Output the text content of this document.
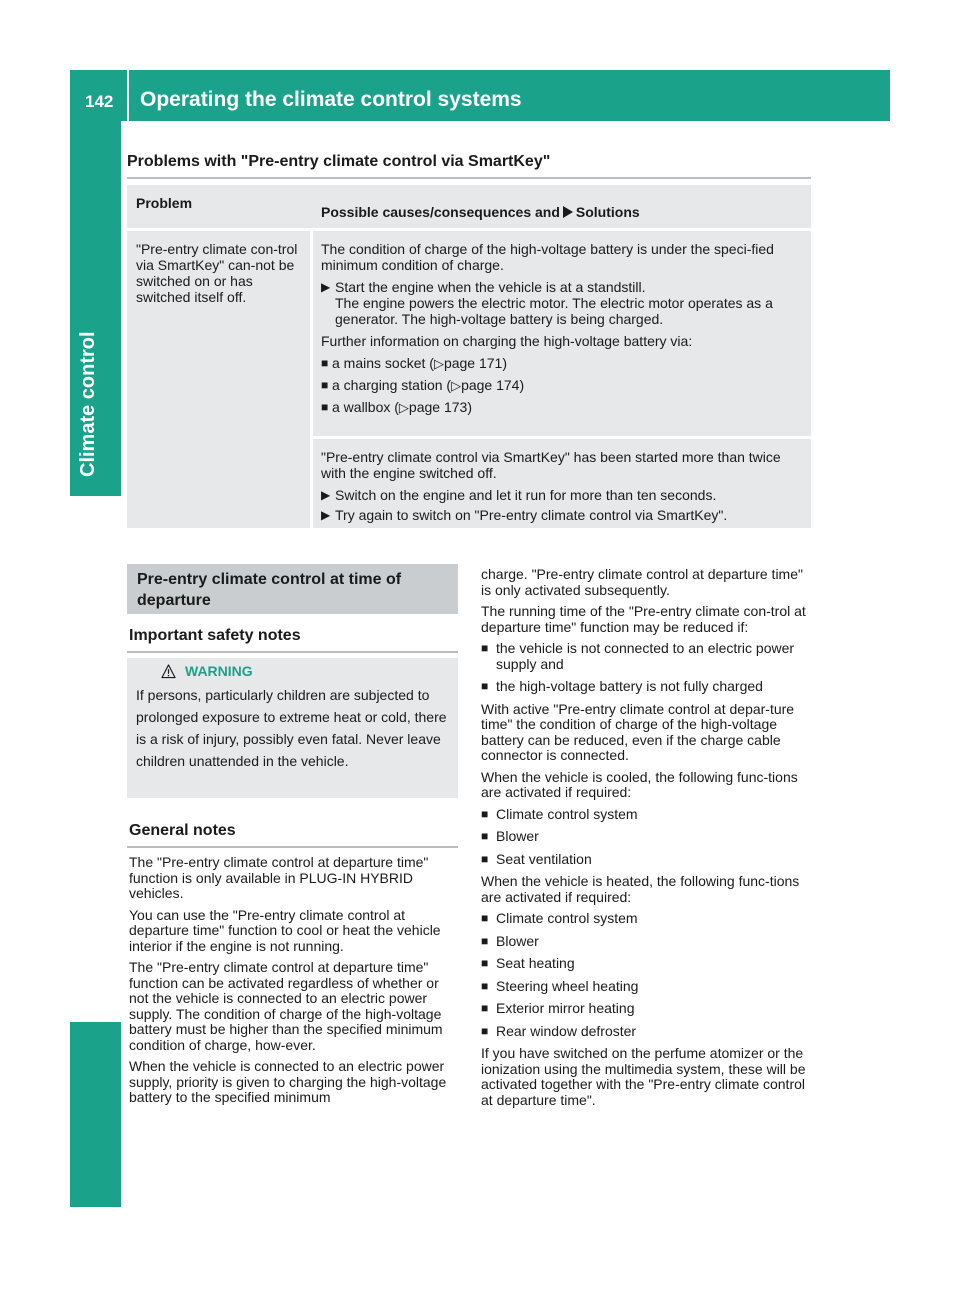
142 Operating the climate control systems
Climate control
Problems with "Pre-entry climate control via SmartKey"
Problem
Possible causes/consequences and Solutions
"Pre-entry climate con-trol via SmartKey" can-not be switched on or has switched itself off.
The condition of charge of the high-voltage battery is under the speci-fied minimum condition of charge.
▶ Start the engine when the vehicle is at a standstill.
The engine powers the electric motor. The electric motor operates as a generator. The high-voltage battery is being charged.
Further information on charging the high-voltage battery via:
■ a mains socket (▷page 171)
■ a charging station (▷page 174)
■ a wallbox (▷page 173)
"Pre-entry climate control via SmartKey" has been started more than twice with the engine switched off.
▶ Switch on the engine and let it run for more than ten seconds.
▶ Try again to switch on "Pre-entry climate control via SmartKey".
Pre-entry climate control at time of departure
Important safety notes
WARNING
If persons, particularly children are subjected to prolonged exposure to extreme heat or cold, there is a risk of injury, possibly even fatal. Never leave children unattended in the vehicle.
General notes
The "Pre-entry climate control at departure time" function is only available in PLUG-IN HYBRID vehicles.
You can use the "Pre-entry climate control at departure time" function to cool or heat the vehicle interior if the engine is not running.
The "Pre-entry climate control at departure time" function can be activated regardless of whether or not the vehicle is connected to an electric power supply. The condition of charge of the high-voltage battery must be higher than the specified minimum condition of charge, how-ever.
When the vehicle is connected to an electric power supply, priority is given to charging the high-voltage battery to the specified minimum
charge. "Pre-entry climate control at departure time" is only activated subsequently.
The running time of the "Pre-entry climate con-trol at departure time" function may be reduced if:
■ the vehicle is not connected to an electric power supply and
■ the high-voltage battery is not fully charged
With active "Pre-entry climate control at depar-ture time" the condition of charge of the high-voltage battery can be reduced, even if the charge cable connector is connected.
When the vehicle is cooled, the following func-tions are activated if required:
■ Climate control system
■ Blower
■ Seat ventilation
When the vehicle is heated, the following func-tions are activated if required:
■ Climate control system
■ Blower
■ Seat heating
■ Steering wheel heating
■ Exterior mirror heating
■ Rear window defroster
If you have switched on the perfume atomizer or the ionization using the multimedia system, these will be activated together with the "Pre-entry climate control at departure time".
